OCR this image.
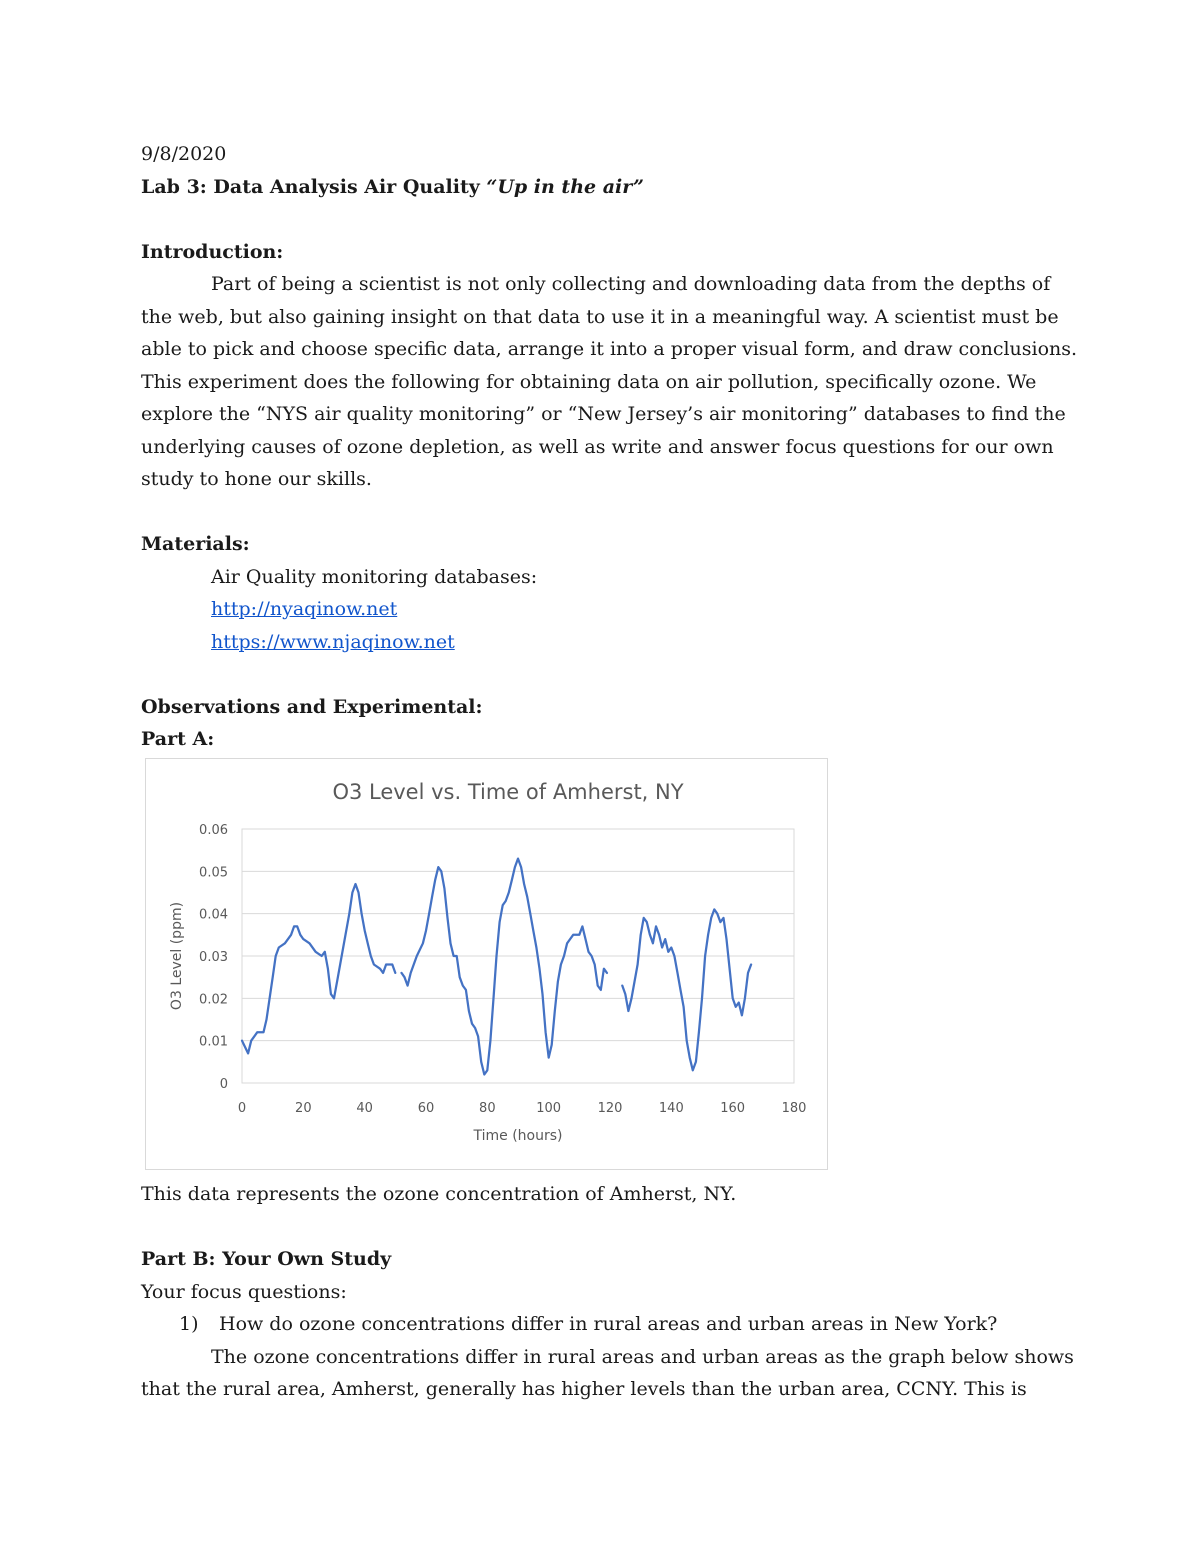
9/8/2020
Lab 3: Data Analysis Air Quality “Up in the air”
Introduction:
Part of being a scientist is not only collecting and downloading data from the depths of
the web, but also gaining insight on that data to use it in a meaningful way. A scientist must be
able to pick and choose specific data, arrange it into a proper visual form, and draw conclusions.
This experiment does the following for obtaining data on air pollution, specifically ozone. We
explore the “NYS air quality monitoring” or “New Jersey’s air monitoring” databases to find the
underlying causes of ozone depletion, as well as write and answer focus questions for our own
study to hone our skills.
Materials:
Air Quality monitoring databases:
http://nyaqinow.net
https://www.njaqinow.net
Observations and Experimental:
Part A:
0
0.01
0.02
0.03
0.04
0.05
0.06
0	20	40	60	80	100	120	140	160	180
O3 Level vs. Time of Amherst, NY
Time (hours)
O3 Level (ppm)
This data represents the ozone concentration of Amherst, NY.
Part B: Your Own Study
Your focus questions:
1) How do ozone concentrations differ in rural areas and urban areas in New York?
The ozone concentrations differ in rural areas and urban areas as the graph below shows
that the rural area, Amherst, generally has higher levels than the urban area, CCNY. This is
